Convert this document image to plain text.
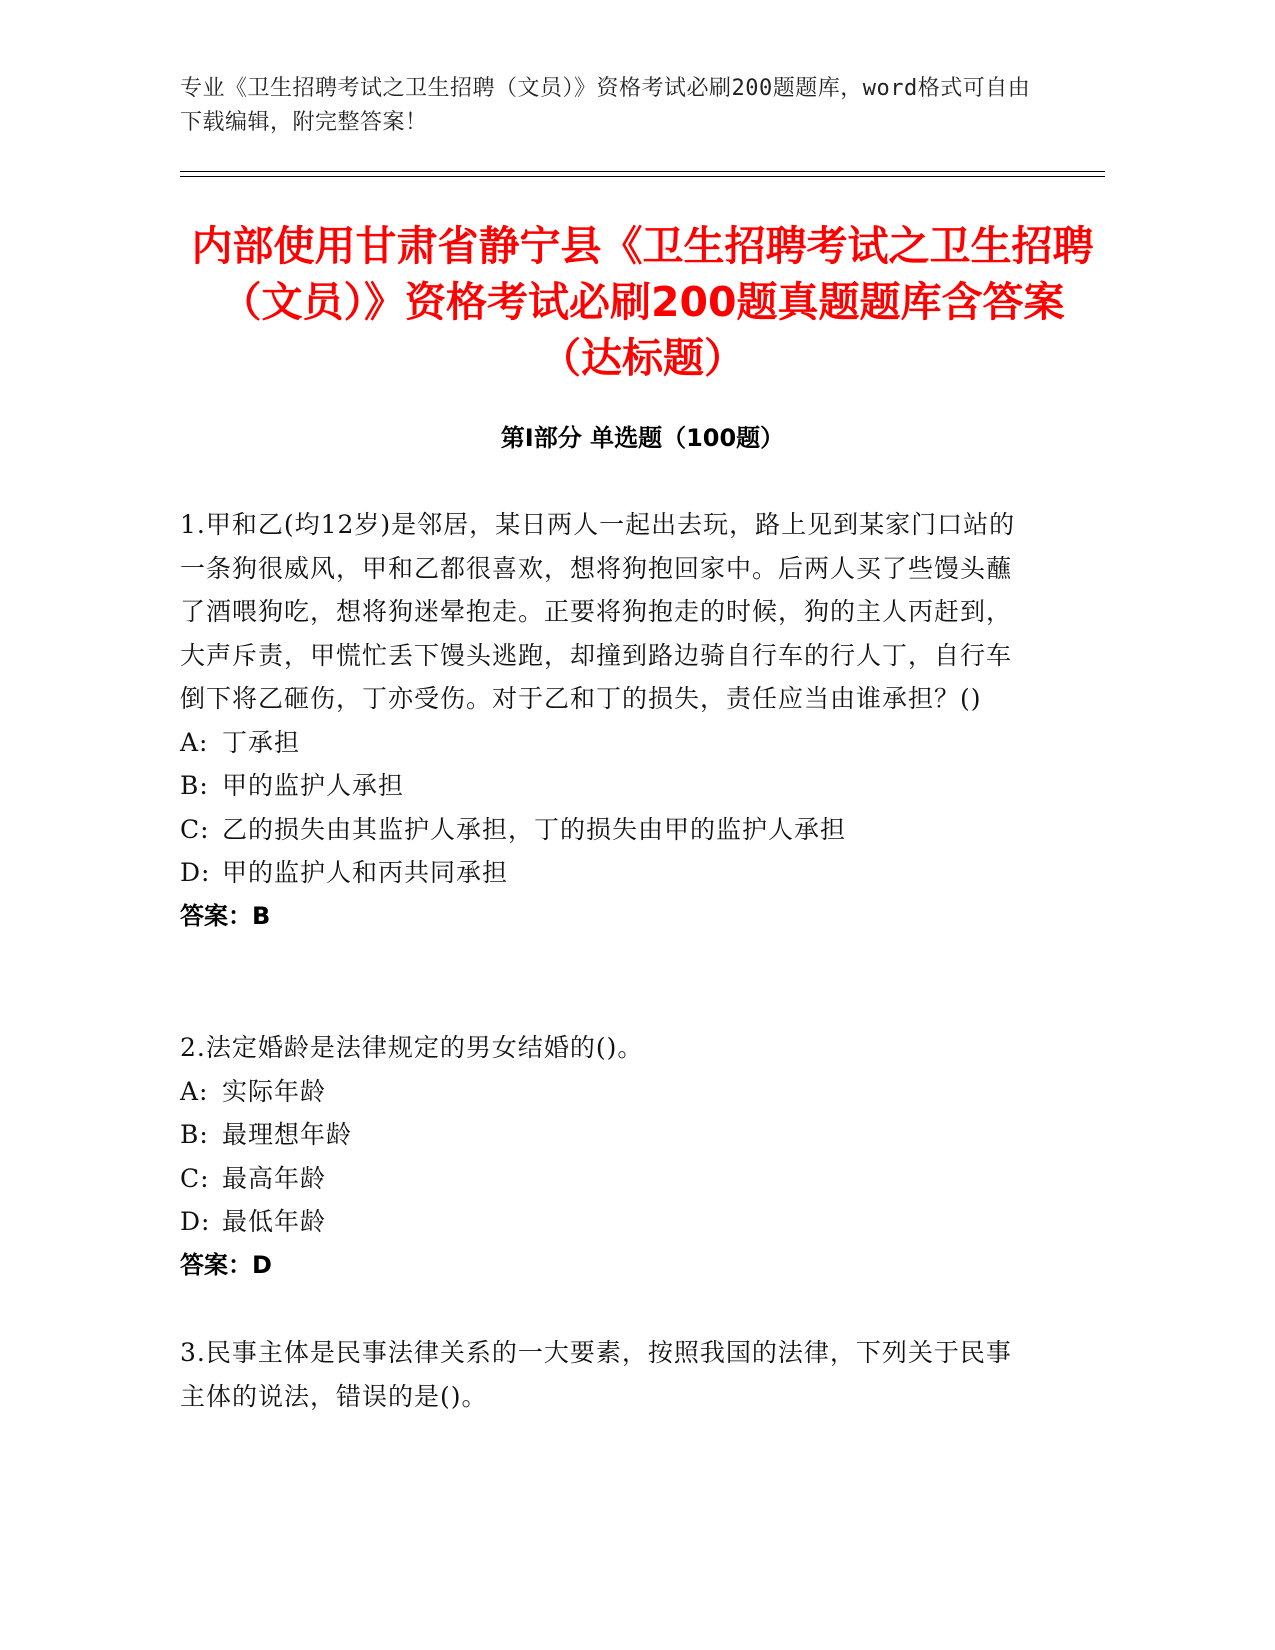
专业《卫生招聘考试之卫生招聘（文员）》资格考试必刷200题题库，word格式可自由下载编辑，附完整答案！
内部使用甘肃省静宁县《卫生招聘考试之卫生招聘（文员）》资格考试必刷200题真题题库含答案（达标题）
第Ⅰ部分 单选题（100题）
1.甲和乙(均12岁)是邻居，某日两人一起出去玩，路上见到某家门口站的一条狗很威风，甲和乙都很喜欢，想将狗抱回家中。后两人买了些馒头蘸了酒喂狗吃，想将狗迷晕抱走。正要将狗抱走的时候，狗的主人丙赶到，大声斥责，甲慌忙丢下馒头逃跑，却撞到路边骑自行车的行人丁，自行车倒下将乙砸伤，丁亦受伤。对于乙和丁的损失，责任应当由谁承担？()
A: 丁承担
B: 甲的监护人承担
C: 乙的损失由其监护人承担，丁的损失由甲的监护人承担
D: 甲的监护人和丙共同承担
答案：B
2.法定婚龄是法律规定的男女结婚的()。
A: 实际年龄
B: 最理想年龄
C: 最高年龄
D: 最低年龄
答案：D
3.民事主体是民事法律关系的一大要素，按照我国的法律，下列关于民事主体的说法，错误的是()。
